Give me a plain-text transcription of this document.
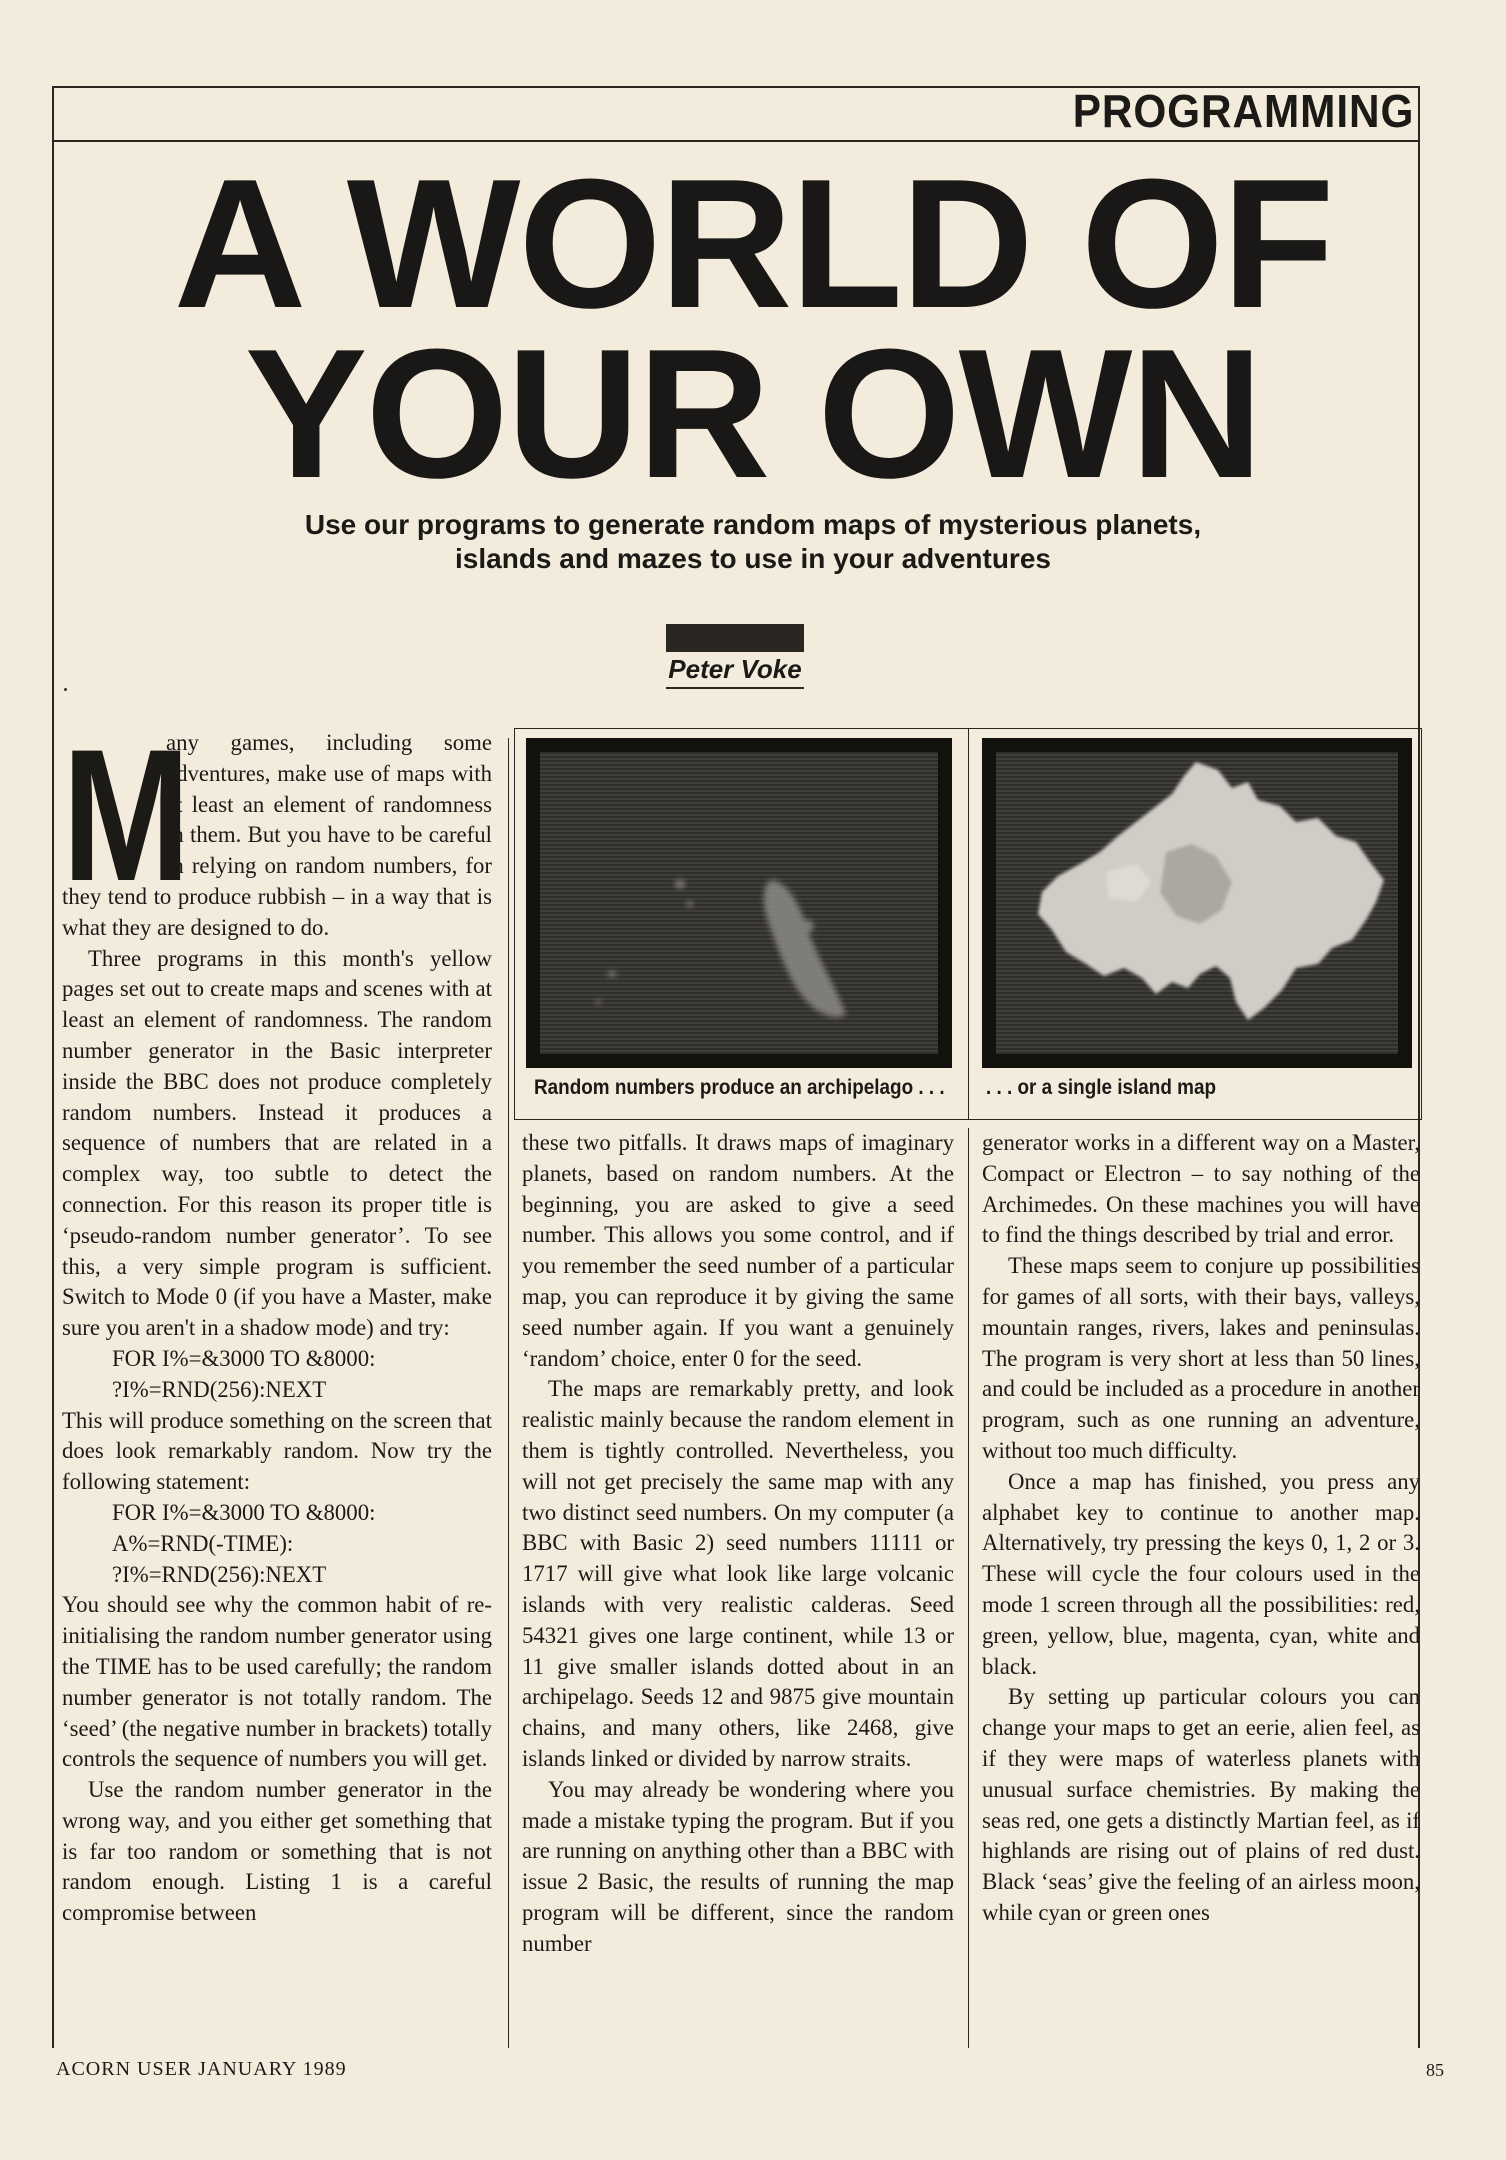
PROGRAMMING
A WORLD OF
YOUR OWN
Use our programs to generate random maps of mysterious planets,
islands and mazes to use in your adventures
Peter Voke
Random numbers produce an archipelago . . . . . . or a single island map

M
any games, including some adventures, make use of maps with at least an element of randomness in them. But you have to be careful in relying on random numbers, for they tend to produce rubbish – in a way that is what they are designed to do.

Three programs in this month's yellow pages set out to create maps and scenes with at least an element of randomness. The random number generator in the Basic interpreter inside the BBC does not produce completely random numbers. Instead it produces a sequence of numbers that are related in a complex way, too subtle to detect the connection. For this reason its proper title is ‘pseudo-random number generator’. To see this, a very simple program is sufficient. Switch to Mode 0 (if you have a Master, make sure you aren't in a shadow mode) and try:

FOR I%=&3000 TO &8000:

?I%=RND(256):NEXT

This will produce something on the screen that does look remarkably random. Now try the following statement:

FOR I%=&3000 TO &8000:

A%=RND(-TIME):

?I%=RND(256):NEXT

You should see why the common habit of re-initialising the random number generator using the TIME has to be used carefully; the random number generator is not totally random. The ‘seed’ (the negative number in brackets) totally controls the sequence of numbers you will get.

Use the random number generator in the wrong way, and you either get something that is far too random or something that is not random enough. Listing 1 is a careful compromise between

these two pitfalls. It draws maps of imaginary planets, based on random numbers. At the beginning, you are asked to give a seed number. This allows you some control, and if you remember the seed number of a particular map, you can reproduce it by giving the same seed number again. If you want a genuinely ‘random’ choice, enter 0 for the seed.

The maps are remarkably pretty, and look realistic mainly because the random element in them is tightly controlled. Nevertheless, you will not get precisely the same map with any two distinct seed numbers. On my computer (a BBC with Basic 2) seed numbers 11111 or 1717 will give what look like large volcanic islands with very realistic calderas. Seed 54321 gives one large continent, while 13 or 11 give smaller islands dotted about in an archipelago. Seeds 12 and 9875 give mountain chains, and many others, like 2468, give islands linked or divided by narrow straits.

You may already be wondering where you made a mistake typing the program. But if you are running on anything other than a BBC with issue 2 Basic, the results of running the map program will be different, since the random number

generator works in a different way on a Master, Compact or Electron – to say nothing of the Archimedes. On these machines you will have to find the things described by trial and error.

These maps seem to conjure up possibilities for games of all sorts, with their bays, valleys, mountain ranges, rivers, lakes and peninsulas. The program is very short at less than 50 lines, and could be included as a procedure in another program, such as one running an adventure, without too much difficulty.

Once a map has finished, you press any alphabet key to continue to another map. Alternatively, try pressing the keys 0, 1, 2 or 3. These will cycle the four colours used in the mode 1 screen through all the possibilities: red, green, yellow, blue, magenta, cyan, white and black.

By setting up particular colours you can change your maps to get an eerie, alien feel, as if they were maps of waterless planets with unusual surface chemistries. By making the seas red, one gets a distinctly Martian feel, as if highlands are rising out of plains of red dust. Black ‘seas’ give the feeling of an airless moon, while cyan or green ones

ACORN USER JANUARY 1989	85
